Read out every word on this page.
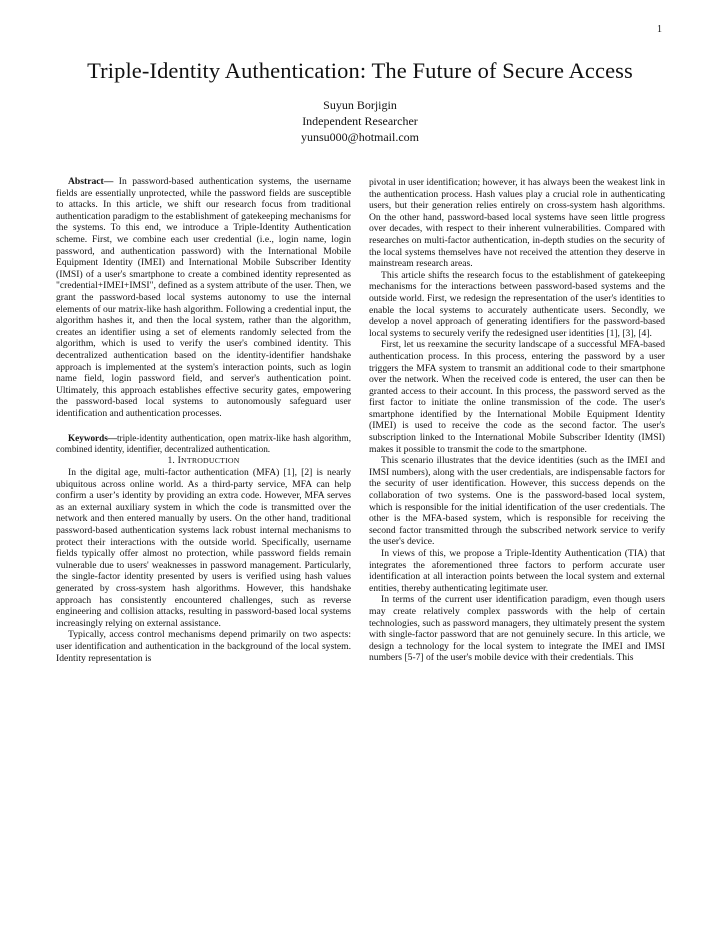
1
Triple-Identity Authentication: The Future of Secure Access
Suyun Borjigin
Independent Researcher
yunsu000@hotmail.com

Abstract— In password-based authentication systems, the username fields are essentially unprotected, while the password fields are susceptible to attacks. In this article, we shift our research focus from traditional authentication paradigm to the establishment of gatekeeping mechanisms for the systems. To this end, we introduce a Triple-Identity Authentication scheme. First, we combine each user credential (i.e., login name, login password, and authentication password) with the International Mobile Equipment Identity (IMEI) and International Mobile Subscriber Identity (IMSI) of a user's smartphone to create a combined identity represented as "credential+IMEI+IMSI", defined as a system attribute of the user. Then, we grant the password-based local systems autonomy to use the internal elements of our matrix-like hash algorithm. Following a credential input, the algorithm hashes it, and then the local system, rather than the algorithm, creates an identifier using a set of elements randomly selected from the algorithm, which is used to verify the user's combined identity. This decentralized authentication based on the identity-identifier handshake approach is implemented at the system's interaction points, such as login name field, login password field, and server's authentication point. Ultimately, this approach establishes effective security gates, empowering the password-based local systems to autonomously safeguard user identification and authentication processes.

Keywords—triple-identity authentication, open matrix-like hash algorithm, combined identity, identifier, decentralized authentication.

1. INTRODUCTION

In the digital age, multi-factor authentication (MFA) [1], [2] is nearly ubiquitous across online world. As a third-party service, MFA can help confirm a user’s identity by providing an extra code. However, MFA serves as an external auxiliary system in which the code is transmitted over the network and then entered manually by users. On the other hand, traditional password-based authentication systems lack robust internal mechanisms to protect their interactions with the outside world. Specifically, username fields typically offer almost no protection, while password fields remain vulnerable due to users' weaknesses in password management. Particularly, the single-factor identity presented by users is verified using hash values generated by cross-system hash algorithms. However, this handshake approach has consistently encountered challenges, such as reverse engineering and collision attacks, resulting in password-based local systems increasingly relying on external assistance.

Typically, access control mechanisms depend primarily on two aspects: user identification and authentication in the background of the local system. Identity representation is

pivotal in user identification; however, it has always been the weakest link in the authentication process. Hash values play a crucial role in authenticating users, but their generation relies entirely on cross-system hash algorithms. On the other hand, password-based local systems have seen little progress over decades, with respect to their inherent vulnerabilities. Compared with researches on multi-factor authentication, in-depth studies on the security of the local systems themselves have not received the attention they deserve in mainstream research areas.

This article shifts the research focus to the establishment of gatekeeping mechanisms for the interactions between password-based systems and the outside world. First, we redesign the representation of the user's identities to enable the local systems to accurately authenticate users. Secondly, we develop a novel approach of generating identifiers for the password-based local systems to securely verify the redesigned user identities [1], [3], [4].

First, let us reexamine the security landscape of a successful MFA-based authentication process. In this process, entering the password by a user triggers the MFA system to transmit an additional code to their smartphone over the network. When the received code is entered, the user can then be granted access to their account. In this process, the password served as the first factor to initiate the online transmission of the code. The user's smartphone identified by the International Mobile Equipment Identity (IMEI) is used to receive the code as the second factor. The user's subscription linked to the International Mobile Subscriber Identity (IMSI) makes it possible to transmit the code to the smartphone.

This scenario illustrates that the device identities (such as the IMEI and IMSI numbers), along with the user credentials, are indispensable factors for the security of user identification. However, this success depends on the collaboration of two systems. One is the password-based local system, which is responsible for the initial identification of the user credentials. The other is the MFA-based system, which is responsible for receiving the second factor transmitted through the subscribed network service to verify the user's device.

In views of this, we propose a Triple-Identity Authentication (TIA) that integrates the aforementioned three factors to perform accurate user identification at all interaction points between the local system and external entities, thereby authenticating legitimate user.

In terms of the current user identification paradigm, even though users may create relatively complex passwords with the help of certain technologies, such as password managers, they ultimately present the system with single-factor password that are not genuinely secure. In this article, we design a technology for the local system to integrate the IMEI and IMSI numbers [5-7] of the user's mobile device with their credentials. This
